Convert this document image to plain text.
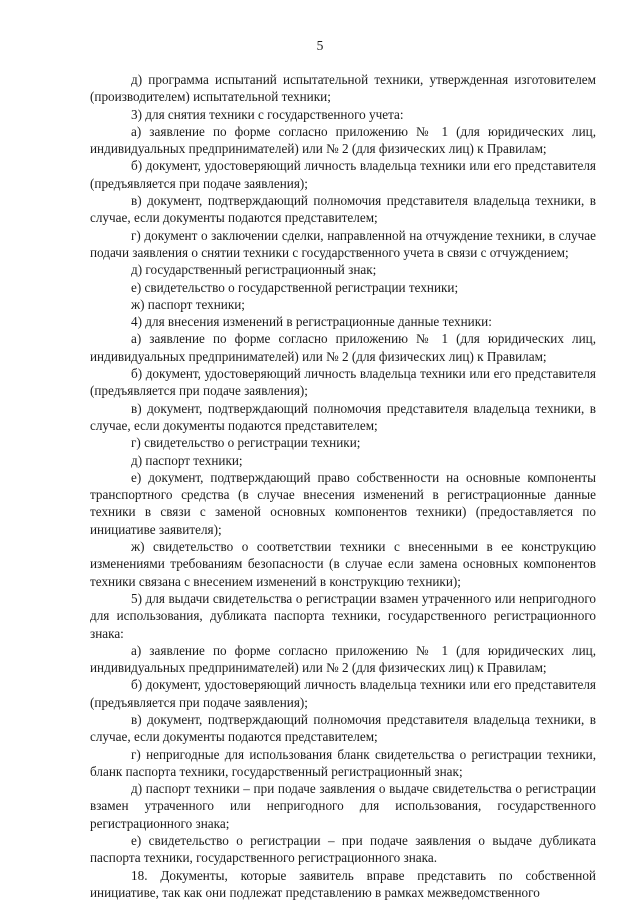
5

д) программа испытаний испытательной техники, утвержденная изготовителем (производителем) испытательной техники;

3) для снятия техники с государственного учета:

а) заявление по форме согласно приложению № 1 (для юридических лиц, индивидуальных предпринимателей) или № 2 (для физических лиц) к Правилам;

б) документ, удостоверяющий личность владельца техники или его представителя (предъявляется при подаче заявления);

в) документ, подтверждающий полномочия представителя владельца техники, в случае, если документы подаются представителем;

г) документ о заключении сделки, направленной на отчуждение техники, в случае подачи заявления о снятии техники с государственного учета в связи с отчуждением;

д) государственный регистрационный знак;

е) свидетельство о государственной регистрации техники;

ж) паспорт техники;

4) для внесения изменений в регистрационные данные техники:

а) заявление по форме согласно приложению № 1 (для юридических лиц, индивидуальных предпринимателей) или № 2 (для физических лиц) к Правилам;

б) документ, удостоверяющий личность владельца техники или его представителя (предъявляется при подаче заявления);

в) документ, подтверждающий полномочия представителя владельца техники, в случае, если документы подаются представителем;

г) свидетельство о регистрации техники;

д) паспорт техники;

е) документ, подтверждающий право собственности на основные компоненты транспортного средства (в случае внесения изменений в регистрационные данные техники в связи с заменой основных компонентов техники) (предоставляется по инициативе заявителя);

ж) свидетельство о соответствии техники с внесенными в ее конструкцию изменениями требованиям безопасности (в случае если замена основных компонентов техники связана с внесением изменений в конструкцию техники);

5) для выдачи свидетельства о регистрации взамен утраченного или непригодного для использования, дубликата паспорта техники, государственного регистрационного знака:

а) заявление по форме согласно приложению № 1 (для юридических лиц, индивидуальных предпринимателей) или № 2 (для физических лиц) к Правилам;

б) документ, удостоверяющий личность владельца техники или его представителя (предъявляется при подаче заявления);

в) документ, подтверждающий полномочия представителя владельца техники, в случае, если документы подаются представителем;

г) непригодные для использования бланк свидетельства о регистрации техники, бланк паспорта техники, государственный регистрационный знак;

д) паспорт техники – при подаче заявления о выдаче свидетельства о регистрации взамен утраченного или непригодного для использования, государственного регистрационного знака;

е) свидетельство о регистрации – при подаче заявления о выдаче дубликата паспорта техники, государственного регистрационного знака.

18. Документы, которые заявитель вправе представить по собственной инициативе, так как они подлежат представлению в рамках межведомственного
